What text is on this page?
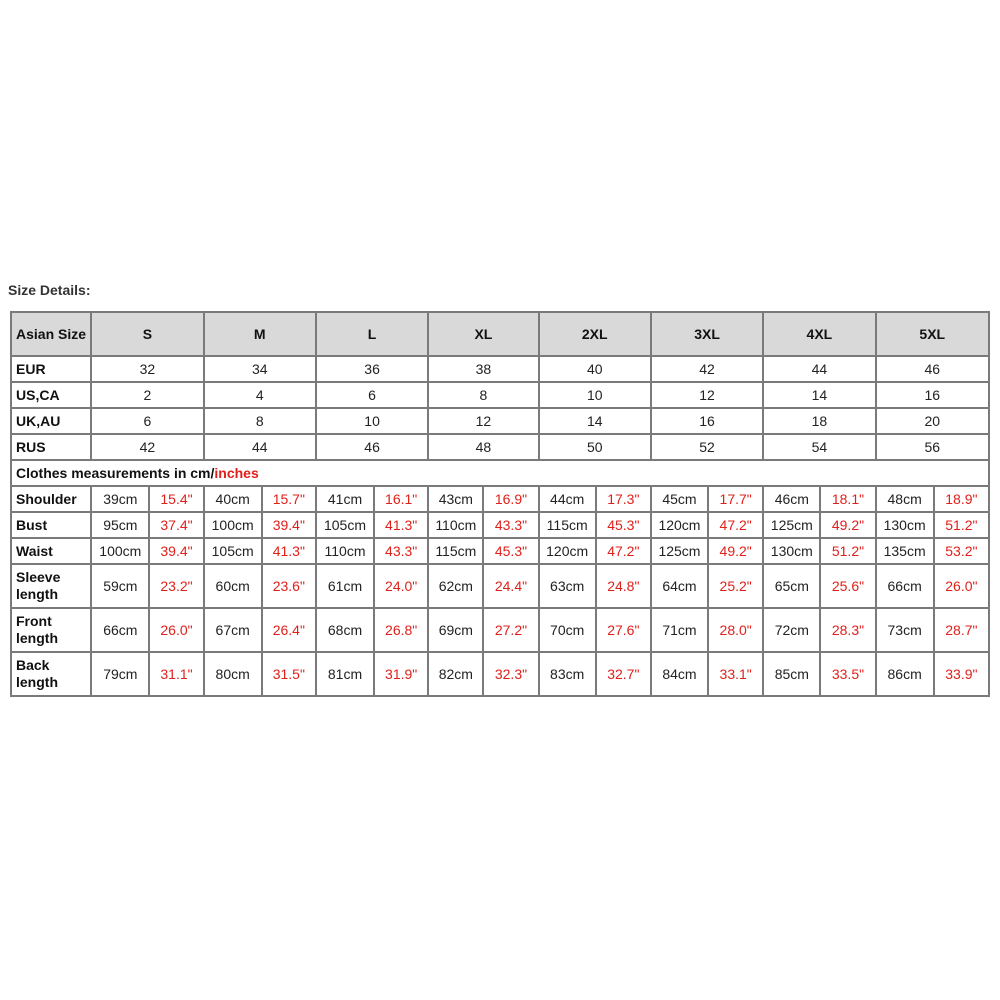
Size Details:
Asian Size	S		M		L		XL		2XL		3XL		4XL		5XL	
EUR	32		34		36		38		40		42		44		46	
US,CA	2		4		6		8		10		12		14		16	
UK,AU	6		8		10		12		14		16		18		20	
RUS	42		44		46		48		50		52		54		56	
Clothes measurements in cm/inches																
Shoulder	39cm	15.4"	40cm	15.7"	41cm	16.1"	43cm	16.9"	44cm	17.3"	45cm	17.7"	46cm	18.1"	48cm	18.9"
Bust	95cm	37.4"	100cm	39.4"	105cm	41.3"	110cm	43.3"	115cm	45.3"	120cm	47.2"	125cm	49.2"	130cm	51.2"
Waist	100cm	39.4"	105cm	41.3"	110cm	43.3"	115cm	45.3"	120cm	47.2"	125cm	49.2"	130cm	51.2"	135cm	53.2"
Sleeve length	59cm	23.2"	60cm	23.6"	61cm	24.0"	62cm	24.4"	63cm	24.8"	64cm	25.2"	65cm	25.6"	66cm	26.0"
Front length	66cm	26.0"	67cm	26.4"	68cm	26.8"	69cm	27.2"	70cm	27.6"	71cm	28.0"	72cm	28.3"	73cm	28.7"
Back length	79cm	31.1"	80cm	31.5"	81cm	31.9"	82cm	32.3"	83cm	32.7"	84cm	33.1"	85cm	33.5"	86cm	33.9"
